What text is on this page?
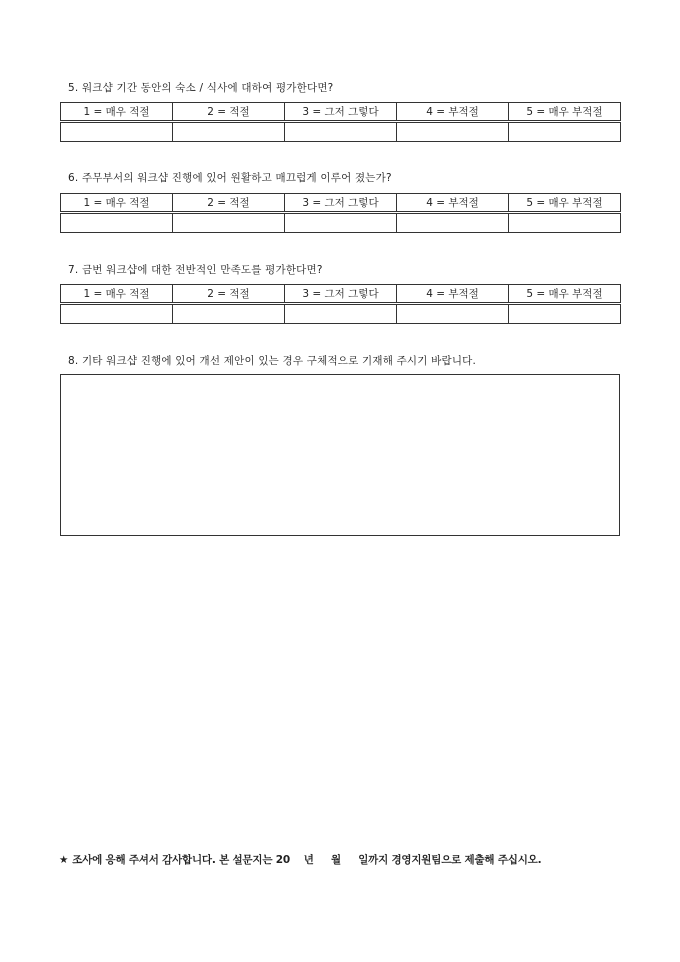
5. 워크샵 기간 동안의 숙소 / 식사에 대하여 평가한다면?
1 = 매우 적절	2 = 적절	3 = 그저 그렇다	4 = 부적절	5 = 매우 부적절

6. 주무부서의 워크샵 진행에 있어 원활하고 매끄럽게 이루어 졌는가?
1 = 매우 적절	2 = 적절	3 = 그저 그렇다	4 = 부적절	5 = 매우 부적절

7. 금번 워크샵에 대한 전반적인 만족도를 평가한다면?
1 = 매우 적절	2 = 적절	3 = 그저 그렇다	4 = 부적절	5 = 매우 부적절

8. 기타 워크샵 진행에 있어 개선 제안이 있는 경우 구체적으로 기재해 주시기 바랍니다.
★ 조사에 응해 주셔서 감사합니다. 본 설문지는 20    년     월     일까지 경영지원팀으로 제출해 주십시오.
